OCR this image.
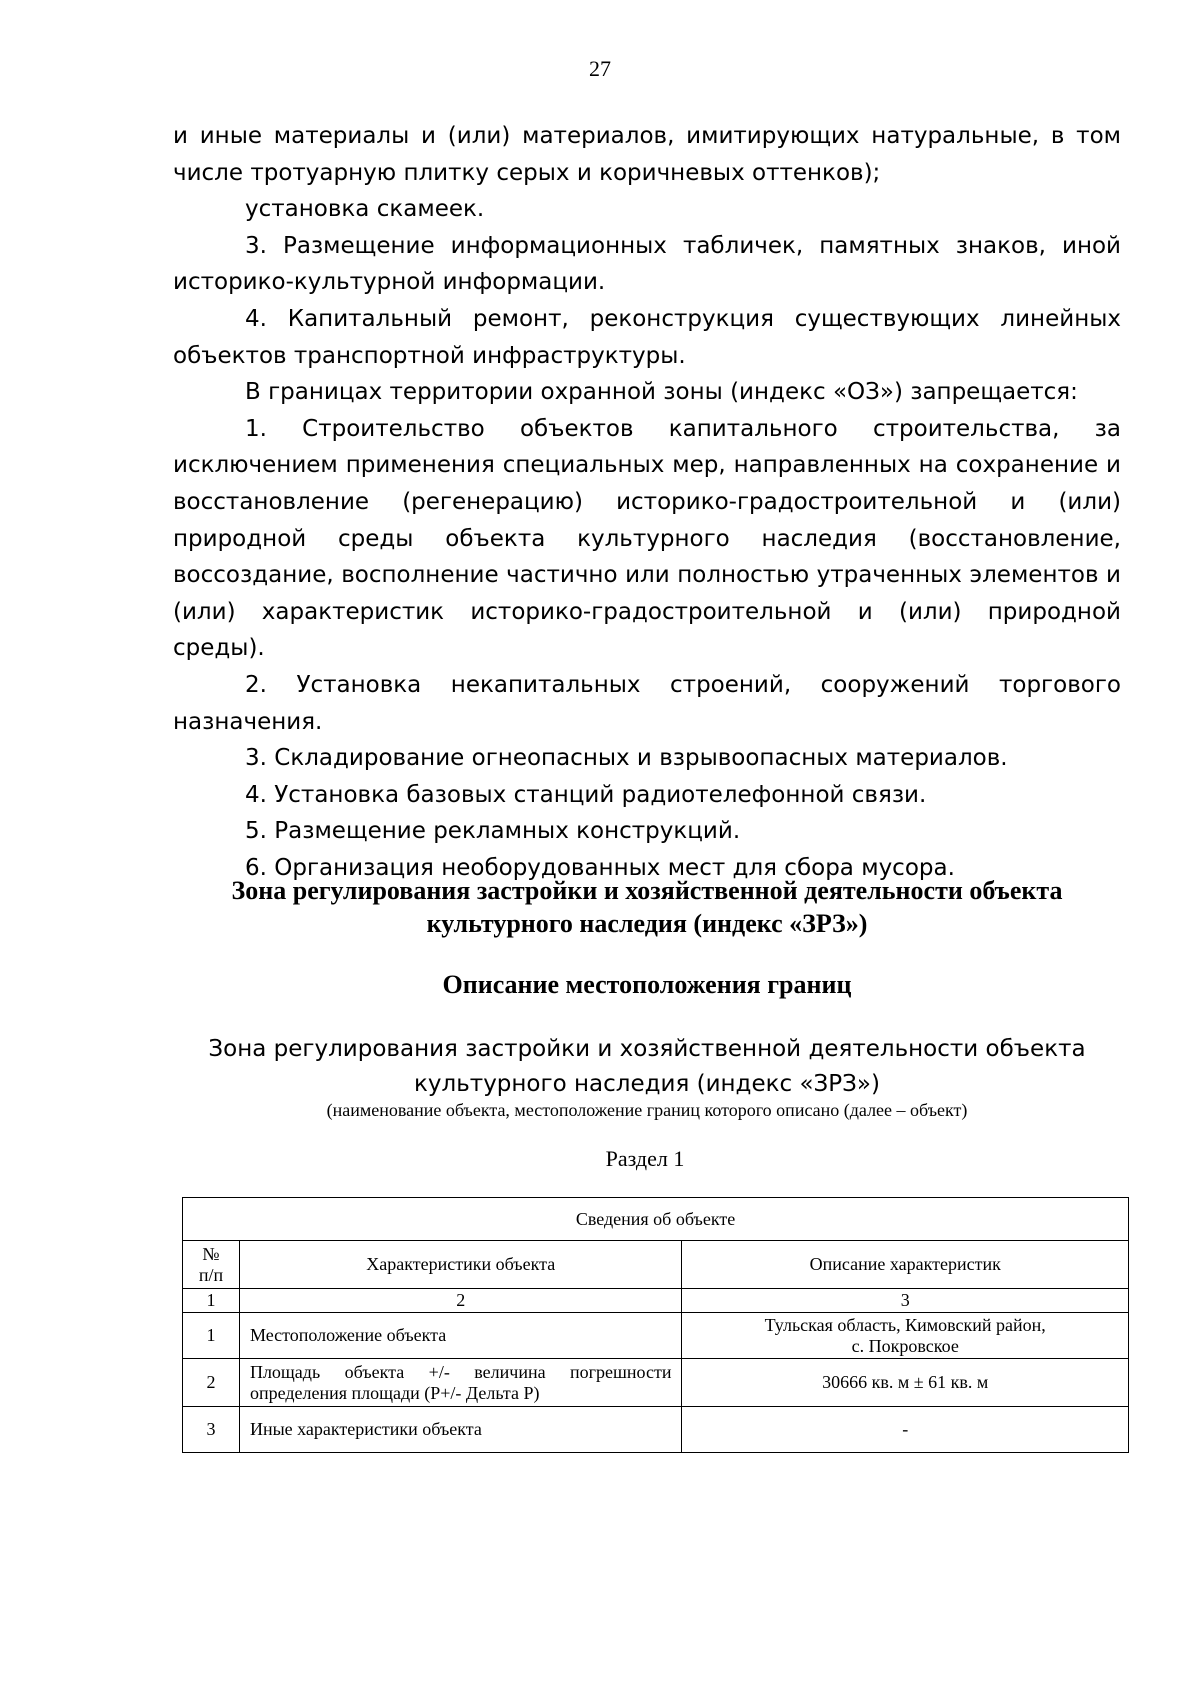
27

и иные материалы и (или) материалов, имитирующих натуральные, в том числе тротуарную плитку серых и коричневых оттенков);

установка скамеек.

3. Размещение информационных табличек, памятных знаков, иной историко-культурной информации.

4. Капитальный ремонт, реконструкция существующих линейных объектов транспортной инфраструктуры.

В границах территории охранной зоны (индекс «ОЗ») запрещается:

1. Строительство объектов капитального строительства, за исключением применения специальных мер, направленных на сохранение и восстановление (регенерацию) историко-градостроительной и (или) природной среды объекта культурного наследия (восстановление, воссоздание, восполнение частично или полностью утраченных элементов и (или) характеристик историко-градостроительной и (или) природной среды).

2. Установка некапитальных строений, сооружений торгового назначения.

3. Складирование огнеопасных и взрывоопасных материалов.

4. Установка базовых станций радиотелефонной связи.

5. Размещение рекламных конструкций.

6. Организация необорудованных мест для сбора мусора.

Зона регулирования застройки и хозяйственной деятельности объекта
культурного наследия (индекс «ЗРЗ»)
Описание местоположения границ
Зона регулирования застройки и хозяйственной деятельности объекта
культурного наследия (индекс «ЗРЗ»)
(наименование объекта, местоположение границ которого описано (далее – объект)
Раздел 1
Сведения об объекте		

№
п/п	Характеристики объекта	Описание характеристик
1	2	3
1	Местоположение объекта	Тульская область, Кимовский район,
с. Покровское

2	Площадь объекта +/- величина погрешности
определения площади (P+/- Дельта P)	30666 кв. м ± 61 кв. м
3	Иные характеристики объекта	-
